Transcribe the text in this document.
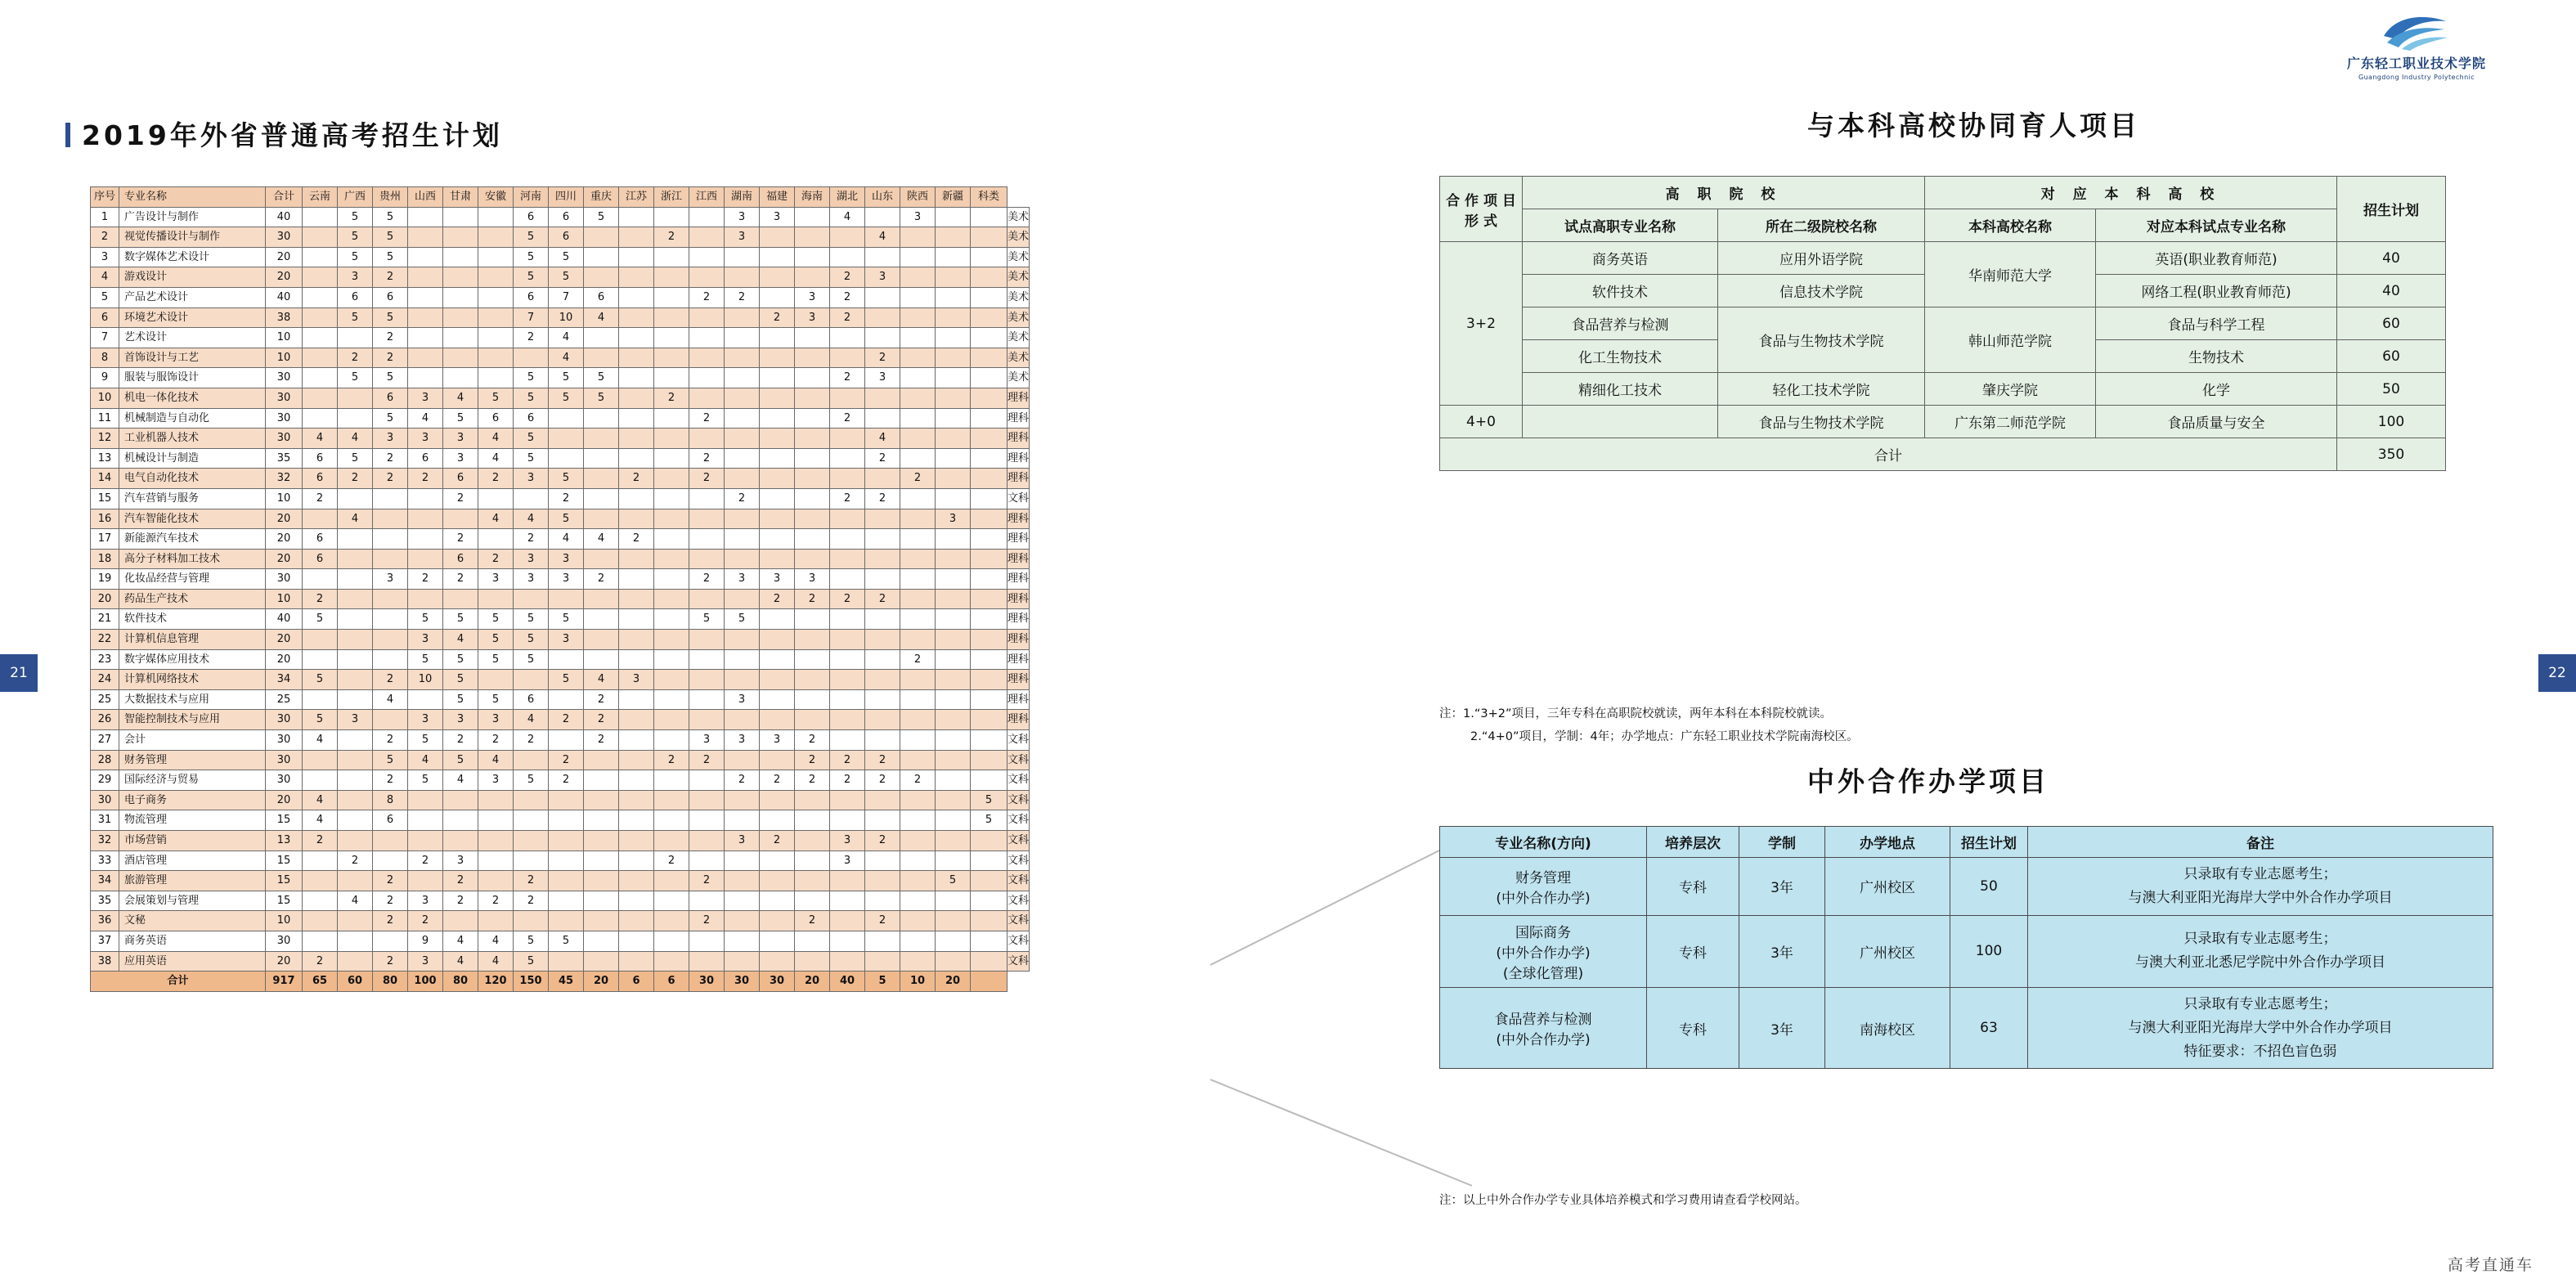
21	22
广东轻工职业技术学院
Guangdong Industry Polytechnic
2019年外省普通高考招生计划	与本科高校协同育人项目
中外合作办学项目
序号	专业名称	合计	云南	广西	贵州	山西	甘肃	安徽	河南	四川	重庆	江苏	浙江	江西	湖南	福建	海南	湖北	山东	陕西	新疆	科类	
1	广告设计与制作	40		5	5				6	6	5				3	3		4		3			美术
2	视觉传播设计与制作	30		5	5				5	6			2		3				4				美术
3	数字媒体艺术设计	20		5	5				5	5													美术
4	游戏设计	20		3	2				5	5								2	3				美术
5	产品艺术设计	40		6	6				6	7	6			2	2		3	2					美术
6	环境艺术设计	38		5	5				7	10	4					2	3	2					美术
7	艺术设计	10			2				2	4													美术
8	首饰设计与工艺	10		2	2					4									2				美术
9	服装与服饰设计	30		5	5				5	5	5							2	3				美术
10	机电一体化技术	30			6	3	4	5	5	5	5		2										理科
11	机械制造与自动化	30			5	4	5	6	6					2				2					理科
12	工业机器人技术	30	4	4	3	3	3	4	5										4				理科
13	机械设计与制造	35	6	5	2	6	3	4	5					2					2				理科
14	电气自动化技术	32	6	2	2	2	6	2	3	5		2		2						2			理科
15	汽车营销与服务	10	2				2			2					2			2	2				文科
16	汽车智能化技术	20		4				4	4	5											3		理科
17	新能源汽车技术	20	6				2		2	4	4	2											理科
18	高分子材料加工技术	20	6				6	2	3	3													理科
19	化妆品经营与管理	30			3	2	2	3	3	3	2			2	3	3	3						理科
20	药品生产技术	10	2													2	2	2	2				理科
21	软件技术	40	5			5	5	5	5	5				5	5								理科
22	计算机信息管理	20				3	4	5	5	3													理科
23	数字媒体应用技术	20				5	5	5	5											2			理科
24	计算机网络技术	34	5		2	10	5			5	4	3											理科
25	大数据技术与应用	25			4		5	5	6		2				3								理科
26	智能控制技术与应用	30	5	3		3	3	3	4	2	2												理科
27	会计	30	4		2	5	2	2	2		2			3	3	3	2						文科
28	财务管理	30			5	4	5	4		2			2	2			2	2	2				文科
29	国际经济与贸易	30			2	5	4	3	5	2					2	2	2	2	2	2			文科
30	电子商务	20	4		8																	5	文科
31	物流管理	15	4		6																	5	文科
32	市场营销	13	2												3	2		3	2				文科
33	酒店管理	15		2		2	3						2					3					文科
34	旅游管理	15			2		2		2					2							5		文科
35	会展策划与管理	15		4	2	3	2	2	2														文科
36	文秘	10			2	2								2			2		2				文科
37	商务英语	30				9	4	4	5	5													文科
38	应用英语	20	2		2	3	4	4	5														文科
合计		917	65	60	80	100	80	120	150	45	20	6	6	30	30	30	20	40	5	10	20		
合 作 项 目 形 式	高 职 院 校		对 应 本 科 高 校		招生计划
	试点高职专业名称	所在二级院校名称	本科高校名称	对应本科试点专业名称	
3+2	商务英语	应用外语学院	华南师范大学	英语(职业教育师范)	40
	软件技术	信息技术学院		网络工程(职业教育师范)	40
	食品营养与检测	食品与生物技术学院	韩山师范学院	食品与科学工程	60
	化工生物技术			生物技术	60
	精细化工技术	轻化工技术学院	肇庆学院	化学	50
4+0		食品与生物技术学院	广东第二师范学院	食品质量与安全	100
合计					350
注：1.“3+2”项目，三年专科在高职院校就读，两年本科在本科院校就读。
2.“4+0”项目，学制：4年；办学地点：广东轻工职业技术学院南海校区。
专业名称(方向)	培养层次	学制	办学地点	招生计划	备注
财务管理
(中外合作办学)	专科	3年	广州校区	50	只录取有专业志愿考生；
与澳大利亚阳光海岸大学中外合作办学项目
国际商务
(中外合作办学)
(全球化管理)	专科	3年	广州校区	100	只录取有专业志愿考生；
与澳大利亚北悉尼学院中外合作办学项目
食品营养与检测
(中外合作办学)	专科	3年	南海校区	63	只录取有专业志愿考生；
与澳大利亚阳光海岸大学中外合作办学项目
特征要求：不招色盲色弱
注：以上中外合作办学专业具体培养模式和学习费用请查看学校网站。
高考直通车
